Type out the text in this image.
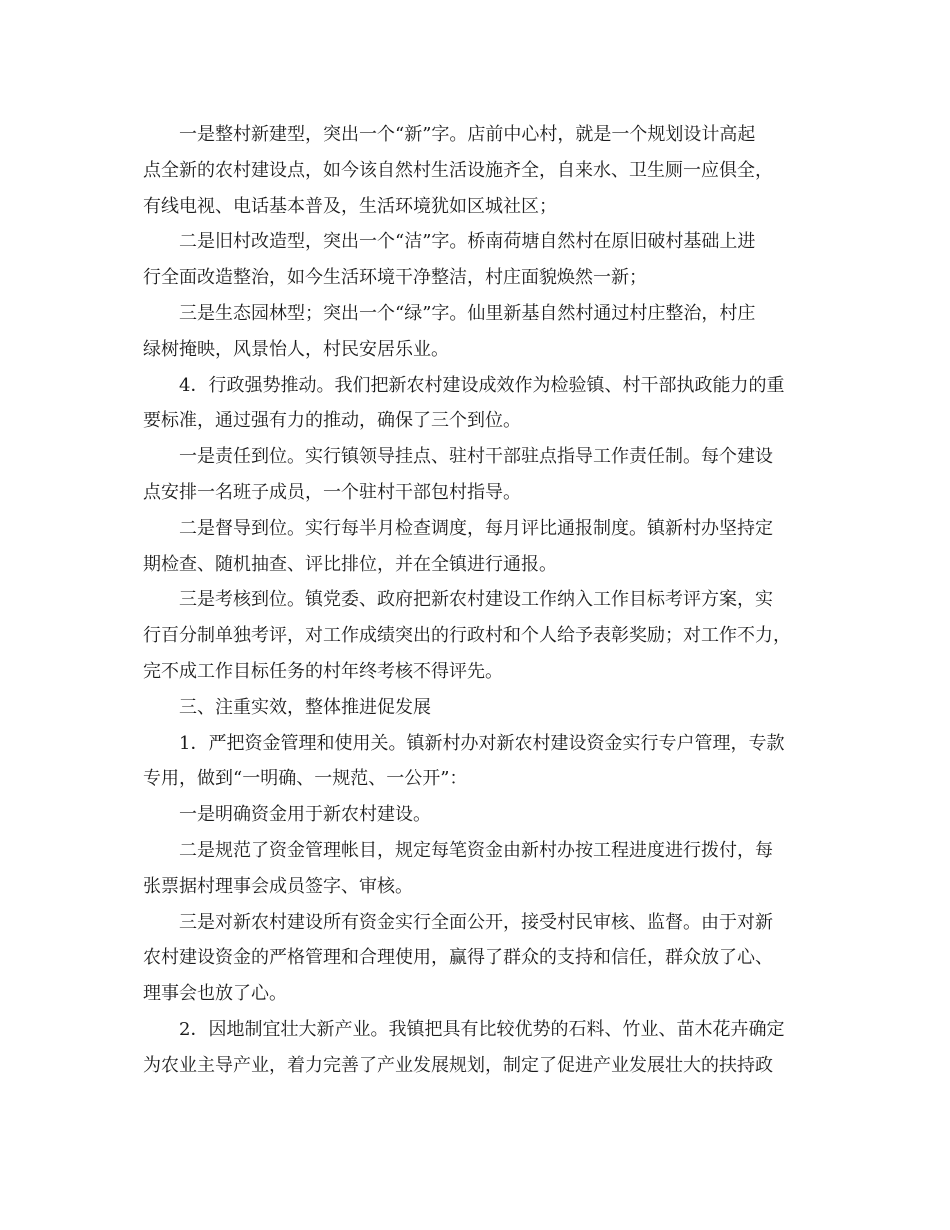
一是整村新建型，突出一个“新”字。店前中心村，就是一个规划设计高起
点全新的农村建设点，如今该自然村生活设施齐全，自来水、卫生厕一应俱全，
有线电视、电话基本普及，生活环境犹如区城社区；

二是旧村改造型，突出一个“洁”字。桥南荷塘自然村在原旧破村基础上进
行全面改造整治，如今生活环境干净整洁，村庄面貌焕然一新；

三是生态园林型；突出一个“绿”字。仙里新基自然村通过村庄整治，村庄
绿树掩映，风景怡人，村民安居乐业。

4．行政强势推动。我们把新农村建设成效作为检验镇、村干部执政能力的重
要标准，通过强有力的推动，确保了三个到位。

一是责任到位。实行镇领导挂点、驻村干部驻点指导工作责任制。每个建设
点安排一名班子成员，一个驻村干部包村指导。

二是督导到位。实行每半月检查调度，每月评比通报制度。镇新村办坚持定
期检查、随机抽查、评比排位，并在全镇进行通报。

三是考核到位。镇党委、政府把新农村建设工作纳入工作目标考评方案，实
行百分制单独考评，对工作成绩突出的行政村和个人给予表彰奖励；对工作不力，
完不成工作目标任务的村年终考核不得评先。

三、注重实效，整体推进促发展

1．严把资金管理和使用关。镇新村办对新农村建设资金实行专户管理，专款
专用，做到“一明确、一规范、一公开”：

一是明确资金用于新农村建设。

二是规范了资金管理帐目，规定每笔资金由新村办按工程进度进行拨付，每
张票据村理事会成员签字、审核。

三是对新农村建设所有资金实行全面公开，接受村民审核、监督。由于对新
农村建设资金的严格管理和合理使用，赢得了群众的支持和信任，群众放了心、
理事会也放了心。

2．因地制宜壮大新产业。我镇把具有比较优势的石料、竹业、苗木花卉确定
为农业主导产业，着力完善了产业发展规划，制定了促进产业发展壮大的扶持政
